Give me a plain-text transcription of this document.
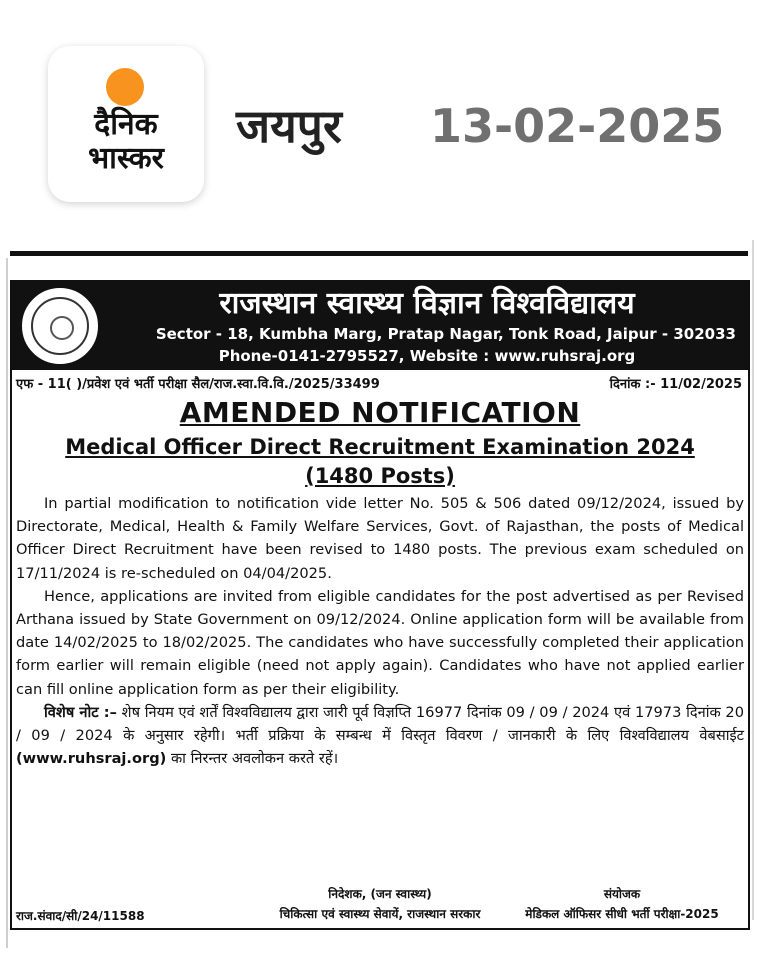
दैनिक
भास्कर
जयपुर 13-02-2025
राजस्थान स्वास्थ्य विज्ञान विश्वविद्यालय
Sector - 18, Kumbha Marg, Pratap Nagar, Tonk Road, Jaipur - 302033
Phone-0141-2795527, Website : www.ruhsraj.org
एफ - 11( )/प्रवेश एवं भर्ती परीक्षा सैल/राज.स्वा.वि.वि./2025/33499	दिनांक :- 11/02/2025
AMENDED NOTIFICATION
Medical Officer Direct Recruitment Examination 2024
(1480 Posts)

In partial modification to notification vide letter No. 505 & 506 dated 09/12/2024, issued by Directorate, Medical, Health & Family Welfare Services, Govt. of Rajasthan, the posts of Medical Officer Direct Recruitment have been revised to 1480 posts. The previous exam scheduled on 17/11/2024 is re-scheduled on 04/04/2025.

Hence, applications are invited from eligible candidates for the post advertised as per Revised Arthana issued by State Government on 09/12/2024. Online application form will be available from date 14/02/2025 to 18/02/2025. The candidates who have successfully completed their application form earlier will remain eligible (need not apply again). Candidates who have not applied earlier can fill online application form as per their eligibility.

विशेष नोट :– शेष नियम एवं शर्तें विश्वविद्यालय द्वारा जारी पूर्व विज्ञप्ति 16977 दिनांक 09 / 09 / 2024 एवं 17973 दिनांक 20 / 09 / 2024 के अनुसार रहेगी। भर्ती प्रक्रिया के सम्बन्ध में विस्तृत विवरण / जानकारी के लिए विश्वविद्यालय वेबसाईट (www.ruhsraj.org) का निरन्तर अवलोकन करते रहें।

राज.संवाद/सी/24/11588
निदेशक, (जन स्वास्थ्य)
चिकित्सा एवं स्वास्थ्य सेवायें, राजस्थान सरकार
संयोजक
मेडिकल ऑफिसर सीधी भर्ती परीक्षा-2025
